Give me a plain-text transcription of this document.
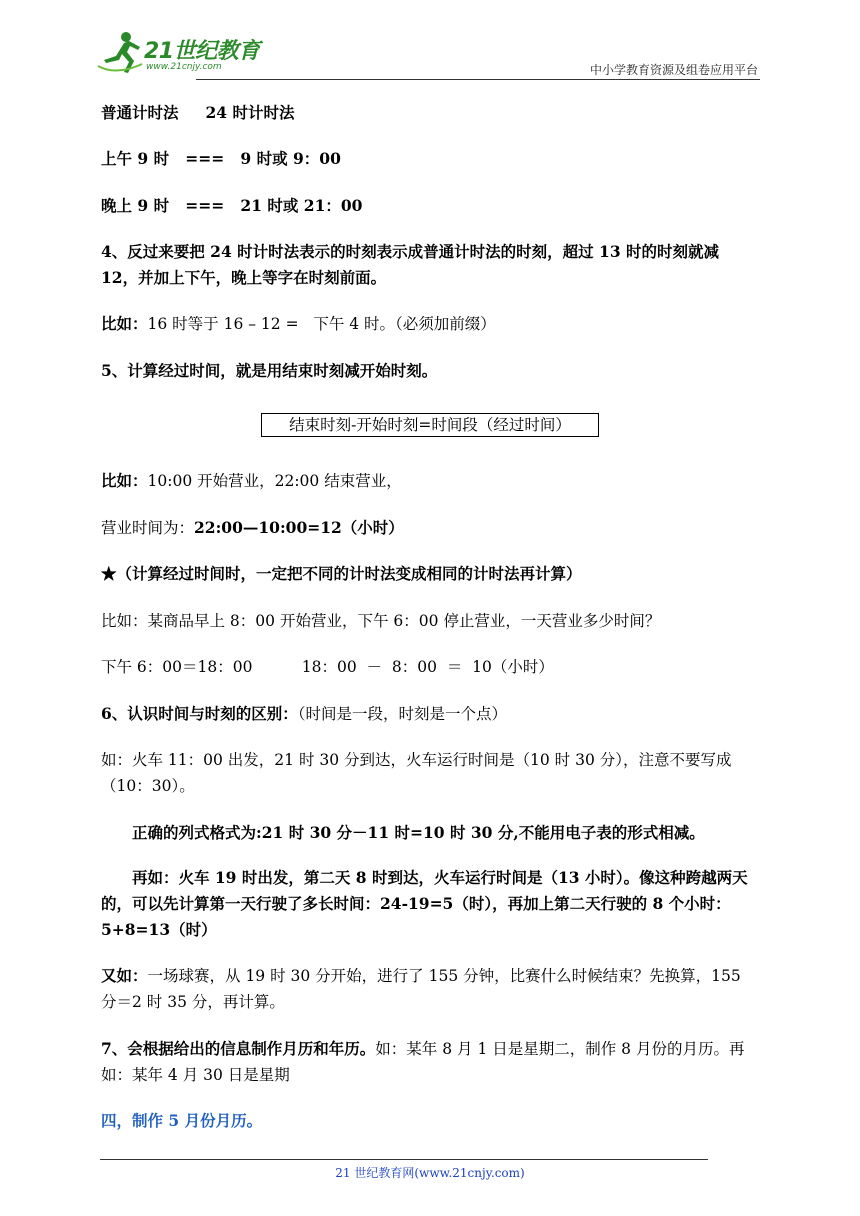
21世纪教育
www.21cnjy.com	中小学教育资源及组卷应用平台
普通计时法     24 时计时法
上午 9 时   ===   9 时或 9：00
晚上 9 时   ===   21 时或 21：00
4、反过来要把 24 时计时法表示的时刻表示成普通计时法的时刻，超过 13 时的时刻就减 12，并加上下午，晚上等字在时刻前面。
比如：16 时等于 16 – 12 =   下午 4 时。（必须加前缀）
5、计算经过时间，就是用结束时刻减开始时刻。
结束时刻-开始时刻=时间段（经过时间）
比如：10:00 开始营业，22:00 结束营业，
营业时间为：22:00—10:00=12（小时）
★（计算经过时间时，一定把不同的计时法变成相同的计时法再计算）
比如：某商品早上 8：00 开始营业，下午 6：00 停止营业，一天营业多少时间？
下午 6：00＝18：00          18：00  －  8：00  ＝  10（小时）
6、认识时间与时刻的区别：（时间是一段，时刻是一个点）
如：火车 11：00 出发，21 时 30 分到达，火车运行时间是（10 时 30 分），注意不要写成（10：30）。
正确的列式格式为:21 时 30 分－11 时=10 时 30 分,不能用电子表的形式相减。
再如：火车 19 时出发，第二天 8 时到达，火车运行时间是（13 小时）。像这种跨越两天的，可以先计算第一天行驶了多长时间：24-19=5（时），再加上第二天行驶的 8 个小时：5+8=13（时）
又如：一场球赛，从 19 时 30 分开始，进行了 155 分钟，比赛什么时候结束？先换算，155 分＝2 时 35 分，再计算。
7、会根据给出的信息制作月历和年历。如：某年 8 月 1 日是星期二，制作 8 月份的月历。再如：某年 4 月 30 日是星期
四，制作 5 月份月历。
21 世纪教育网(www.21cnjy.com)
